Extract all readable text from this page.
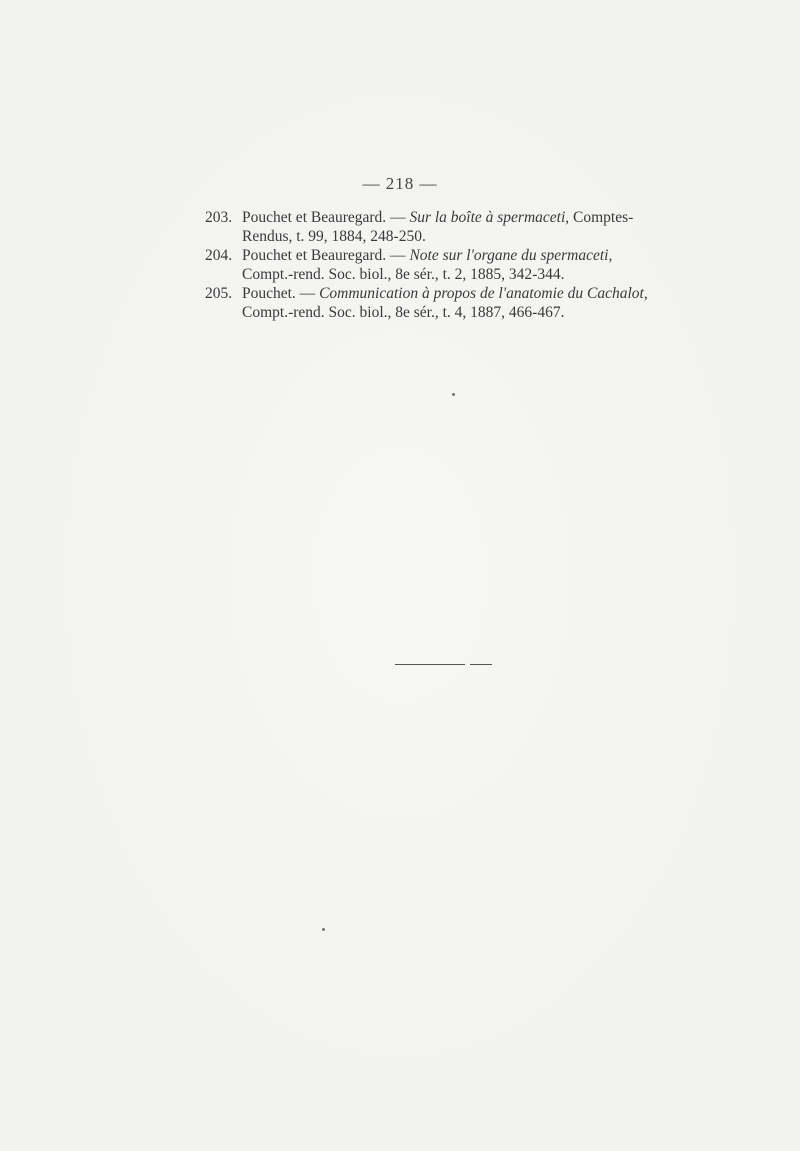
— 218 —

203. Pouchet et Beauregard. — Sur la boîte à spermaceti, Comptes-
Rendus, t. 99, 1884, 248-250.

204. Pouchet et Beauregard. — Note sur l'organe du spermaceti,
Compt.-rend. Soc. biol., 8e sér., t. 2, 1885, 342-344.

205. Pouchet. — Communication à propos de l'anatomie du Cachalot,
Compt.-rend. Soc. biol., 8e sér., t. 4, 1887, 466-467.
